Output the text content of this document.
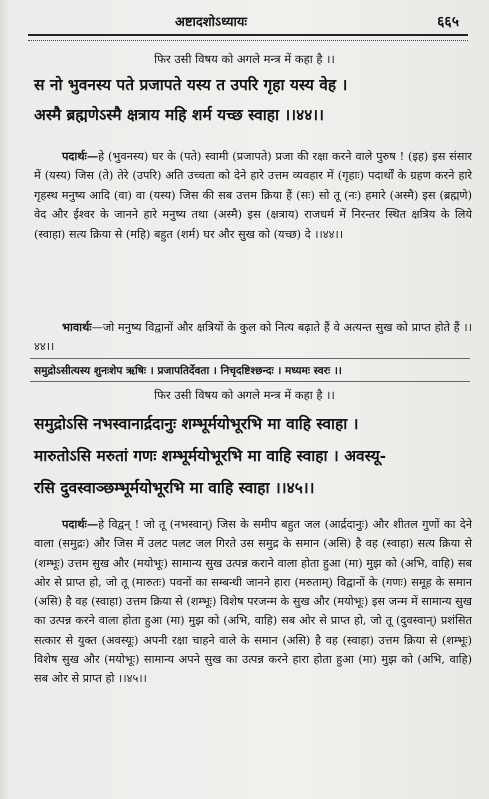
अष्टादशोऽध्यायः	६६५
फिर उसी विषय को अगले मन्त्र में कहा है ।।
स नो भुवनस्य पते प्रजापते यस्य त उपरि गृहा यस्य वेह ।
अस्मै ब्रह्मणेऽस्मै क्षत्राय महि शर्म यच्छ स्वाहा ।।४४।।
पदार्थः—हे (भुवनस्य) घर के (पते) स्वामी (प्रजापते) प्रजा की रक्षा करने वाले पुरुष ! (इह) इस संसार में (यस्य) जिस (ते) तेरे (उपरि) अति उच्चता को देने हारे उत्तम व्यवहार में (गृहाः) पदार्थों के ग्रहण करने हारे गृहस्थ मनुष्य आदि (वा) वा (यस्य) जिस की सब उत्तम क्रिया हैं (सः) सो तू (नः) हमारे (अस्मै) इस (ब्रह्मणे) वेद और ईश्वर के जानने हारे मनुष्य तथा (अस्मै) इस (क्षत्राय) राजधर्म में निरन्तर स्थित क्षत्रिय के लिये (स्वाहा) सत्य क्रिया से (महि) बहुत (शर्म) घर और सुख को (यच्छ) दे ।।४४।।
भावार्थः—जो मनुष्य विद्वानों और क्षत्रियों के कुल को नित्य बढ़ाते हैं वे अत्यन्त सुख को प्राप्त होते हैं ।।४४।।
समुद्रोऽसीत्यस्य शुनःशेप ऋषिः । प्रजापतिर्देवता । निचृदष्टिश्छन्दः । मध्यमः स्वरः ।।
फिर उसी विषय को अगले मन्त्र में कहा है ।।
समुद्रोऽसि नभस्वानार्द्रदानुः शम्भूर्मयोभूरभि मा वाहि स्वाहा ।
मारुतोऽसि मरुतां गणः शम्भूर्मयोभूरभि मा वाहि स्वाहा । अवस्यू-
रसि दुवस्वाञ्छम्भूर्मयोभूरभि मा वाहि स्वाहा ।।४५।।
पदार्थः—हे विद्वन् ! जो तू (नभस्वान्) जिस के समीप बहुत जल (आर्द्रदानुः) और शीतल गुणों का देने वाला (समुद्रः) और जिस में उलट पलट जल गिरते उस समुद्र के समान (असि) है वह (स्वाहा) सत्य क्रिया से (शम्भूः) उत्तम सुख और (मयोभूः) सामान्य सुख उत्पन्न कराने वाला होता हुआ (मा) मुझ को (अभि, वाहि) सब ओर से प्राप्त हो, जो तू (मारुतः) पवनों का सम्बन्धी जानने हारा (मरुताम्) विद्वानों के (गणः) समूह के समान (असि) है वह (स्वाहा) उत्तम क्रिया से (शम्भूः) विशेष परजन्म के सुख और (मयोभूः) इस जन्म में सामान्य सुख का उत्पन्न करने वाला होता हुआ (मा) मुझ को (अभि, वाहि) सब ओर से प्राप्त हो, जो तू (दुवस्वान्) प्रशंसित सत्कार से युक्त (अवस्यूः) अपनी रक्षा चाहने वाले के समान (असि) है वह (स्वाहा) उत्तम क्रिया से (शम्भूः) विशेष सुख और (मयोभूः) सामान्य अपने सुख का उत्पन्न करने हारा होता हुआ (मा) मुझ को (अभि, वाहि) सब ओर से प्राप्त हो ।।४५।।
